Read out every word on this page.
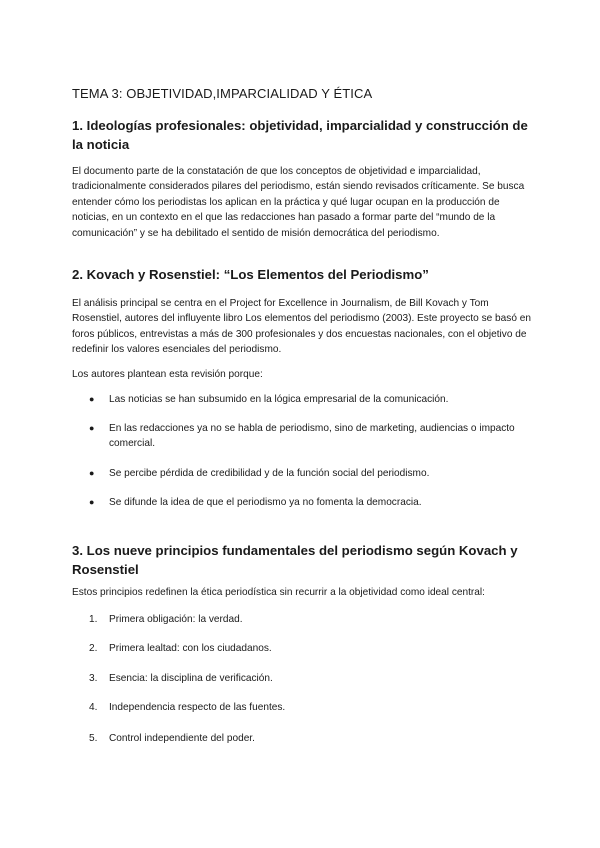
TEMA 3: OBJETIVIDAD,IMPARCIALIDAD Y ÉTICA
1. Ideologías profesionales: objetividad, imparcialidad y construcción de la noticia
El documento parte de la constatación de que los conceptos de objetividad e imparcialidad, tradicionalmente considerados pilares del periodismo, están siendo revisados críticamente. Se busca entender cómo los periodistas los aplican en la práctica y qué lugar ocupan en la producción de noticias, en un contexto en el que las redacciones han pasado a formar parte del “mundo de la comunicación” y se ha debilitado el sentido de misión democrática del periodismo.
2. Kovach y Rosenstiel: “Los Elementos del Periodismo”
El análisis principal se centra en el Project for Excellence in Journalism, de Bill Kovach y Tom Rosenstiel, autores del influyente libro Los elementos del periodismo (2003). Este proyecto se basó en foros públicos, entrevistas a más de 300 profesionales y dos encuestas nacionales, con el objetivo de redefinir los valores esenciales del periodismo.
Los autores plantean esta revisión porque:
● Las noticias se han subsumido en la lógica empresarial de la comunicación.
● En las redacciones ya no se habla de periodismo, sino de marketing, audiencias o impacto comercial.
● Se percibe pérdida de credibilidad y de la función social del periodismo.
● Se difunde la idea de que el periodismo ya no fomenta la democracia.
3. Los nueve principios fundamentales del periodismo según Kovach y Rosenstiel
Estos principios redefinen la ética periodística sin recurrir a la objetividad como ideal central:
1. Primera obligación: la verdad.
2. Primera lealtad: con los ciudadanos.
3. Esencia: la disciplina de verificación.
4. Independencia respecto de las fuentes.
5. Control independiente del poder.
